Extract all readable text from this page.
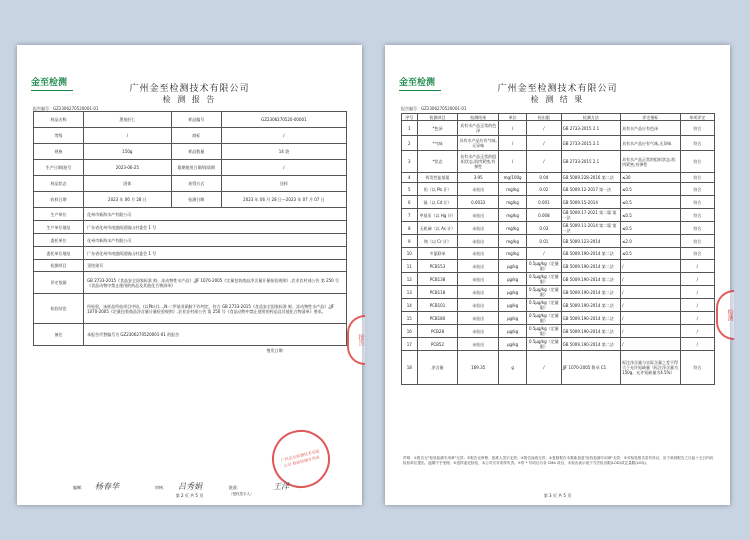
金至检测
广州金至检测技术有限公司
检 测 报 告
报告编号：GZ2306270520001-01
样品名称	墨鱼肝仁	样品编号	GZ2306270520-00001
等级	/	商标	/
规格	150g	样品数量	14 袋
生产日期/批号	2023-06-25	限期使用日期/保质期	/
样品状态	固体	获得方式	送样
收样日期	2023 年 06 月 28 日	检测日期	2023 年 06 月 28 日—2023 年 07 月 07 日
生产单位	化州市新海水产有限公司		
生产单位地址	广东省化州市南盛街道镇山村委会 1 号		
委托单位	化州市新海水产有限公司		
委托单位地址	广东省化州市南盛街道镇山村委会 1 号		
检测项目	见结果页		
评定依据	GB 2733-2015《食品安全国家标准 鲜、冻动物性水产品》,JJF 1070-2005《定量包装商品净含量计量检验规则》,农业农村部公告 第 250 号《食品动物中禁止使用的药品及其他化合物清单》		
检验结论	经检验，该样品所检项目中铅、(以Pb计)...,N-二甲基亚硝胺不作判定。符合 GB 2733-2015《食品安全国家标准 鲜、冻动物性水产品》,JJF 1070-2005《定量包装商品净含量计量检验规则》,农业农村部公告 第 250 号《食品动物中禁止使用的药品及其他化合物清单》要求。		
备注	本报告代替编号为 GZ2306270520001-01 的报告		
签发日期：			
广州金至检测技术有限公司 检验检测专用章
报告
编制： 杨春华	审核： 吕秀娟	批准：
（授权签字人）
王洋
第 2 页 共 5 页
金至检测
广州金至检测技术有限公司
检 测 结 果
报告编号：GZ2306270520001-01
序号	检测项目	检测结果	单位	检出限	检测方法	评定指标	单项评定
1	*色泽	具有水产品正常的色泽	/	/	GB 2733-2015 2.1	具有水产品应有色泽	符合
2	*气味	具有水产品应有气味,无异味	/	/	GB 2733-2015 2.1	具有水产品应有气味,无异味	符合
3	*状态	具有水产品正常的组织状态,肌肉紧密,有弹性	/	/	GB 2733-2015 2.1	具有水产品正常的组织状态,肌肉紧密,有弹性	符合
4	挥发性盐基氮	3.95	mg/100g	0.04	GB 5009.228-2016 第二法	≤30	符合
5	铅（以 Pb 计）	未检出	mg/kg	0.02	GB 5009.12-2017 第一法	≤0.5	符合
6	镉（以 Cd 计）	0.0033	mg/kg	0.001	GB 5009.15-2014	≤0.5	符合
7	甲基汞（以 Hg 计）	未检出	mg/kg	0.008	GB 5009.17-2021 第二篇 第一法	≤0.5	符合
8	无机砷（以 As 计）	未检出	mg/kg	0.03	GB 5009.11-2014 第二篇 第一法	≤0.5	符合
9	铬（以 Cr 计）	未检出	mg/kg	0.01	GB 5009.123-2014	≤2.0	符合
10	多氯联苯	未检出	mg/kg	/	GB 5009.190-2014 第二法	≤0.5	符合
11	PCB153	未检出	μg/kg	0.5μg/kg（定量限）	GB 5009.190-2014 第二法	/	/
12	PCB138	未检出	μg/kg	0.5μg/kg（定量限）	GB 5009.190-2014 第二法	/	/
13	PCB118	未检出	μg/kg	0.5μg/kg（定量限）	GB 5009.190-2014 第二法	/	/
14	PCB101	未检出	μg/kg	0.5μg/kg（定量限）	GB 5009.190-2014 第二法	/	/
15	PCB180	未检出	μg/kg	0.5μg/kg（定量限）	GB 5009.190-2014 第二法	/	/
16	PCB28	未检出	μg/kg	0.5μg/kg（定量限）	GB 5009.190-2014 第二法	/	/
17	PCB52	未检出	μg/kg	0.5μg/kg（定量限）	GB 5009.190-2014 第二法	/	/
18	净含量	169.35	g	/	JJF 1070-2005 附录 C1	标注净含量与实际含量之差不得大于允许短缺量（标注净含量为150g，允许短缺量为4.5%）	符合
检测
声明：①报告无"检验检测专用章"无效；②报告无审核、批准人签字无效；③报告涂改无效；④复制报告未重新加盖"检验检测专用章"无效；⑤对检验报告若有异议，应于收到报告之日起十五日内向检验单位提出，逾期不予受理；⑥送样委托检验，本公司仅对来样负责。⑦带 * 号项目为非 CMA 项目，未检出表示低于方法检出限(LOD)或定量限(LOQ)。
第 3 页 共 5 页
